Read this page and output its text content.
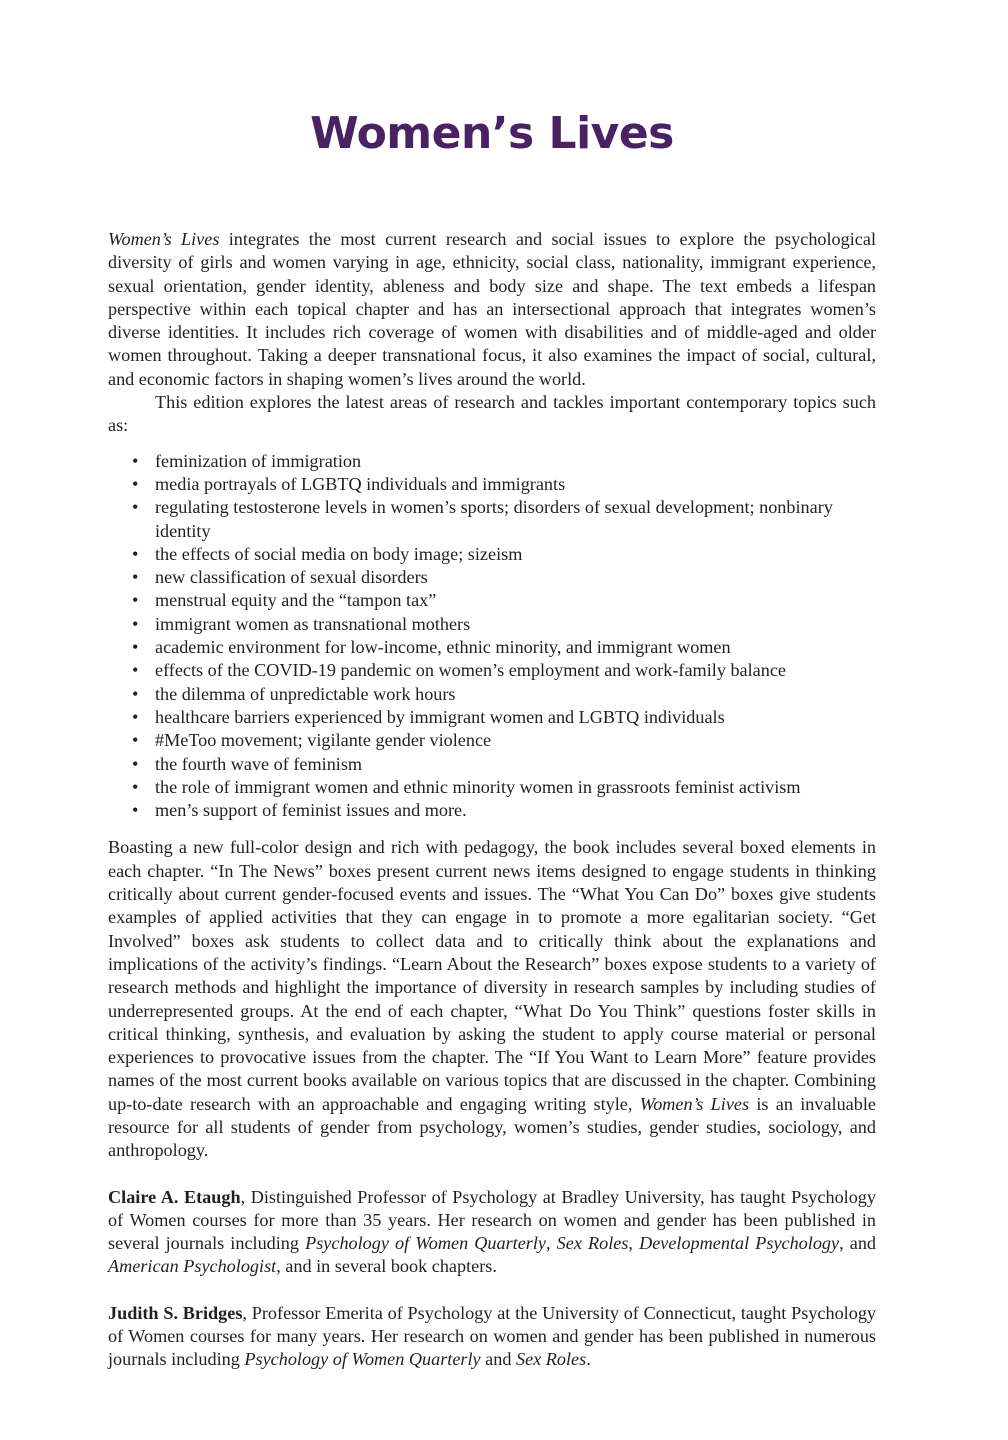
Women’s Lives

Women’s Lives integrates the most current research and social issues to explore the psychological diversity of girls and women varying in age, ethnicity, social class, nationality, immigrant experience, sexual orientation, gender identity, ableness and body size and shape. The text embeds a lifespan perspective within each topical chapter and has an intersectional approach that integrates women’s diverse identities. It includes rich coverage of women with disabilities and of middle-aged and older women throughout. Taking a deeper transnational focus, it also examines the impact of social, cultural, and economic factors in shaping women’s lives around the world.

This edition explores the latest areas of research and tackles important contemporary topics such as:

• feminization of immigration
• media portrayals of LGBTQ individuals and immigrants
• regulating testosterone levels in women’s sports; disorders of sexual development; nonbinary identity
• the effects of social media on body image; sizeism
• new classification of sexual disorders
• menstrual equity and the “tampon tax”
• immigrant women as transnational mothers
• academic environment for low-income, ethnic minority, and immigrant women
• effects of the COVID-19 pandemic on women’s employment and work-family balance
• the dilemma of unpredictable work hours
• healthcare barriers experienced by immigrant women and LGBTQ individuals
• #MeToo movement; vigilante gender violence
• the fourth wave of feminism
• the role of immigrant women and ethnic minority women in grassroots feminist activism
• men’s support of feminist issues and more.

Boasting a new full-color design and rich with pedagogy, the book includes several boxed elements in each chapter. “In The News” boxes present current news items designed to engage students in thinking critically about current gender-focused events and issues. The “What You Can Do” boxes give students examples of applied activities that they can engage in to promote a more egalitarian society. “Get Involved” boxes ask students to collect data and to critically think about the explanations and implications of the activity’s findings. “Learn About the Research” boxes expose students to a variety of research methods and highlight the importance of diversity in research samples by including studies of underrepresented groups. At the end of each chapter, “What Do You Think” questions foster skills in critical thinking, synthesis, and evaluation by asking the student to apply course material or personal experiences to provocative issues from the chapter. The “If You Want to Learn More” feature provides names of the most current books available on various topics that are discussed in the chapter. Combining up-to-date research with an approachable and engaging writing style, Women’s Lives is an invaluable resource for all students of gender from psychology, women’s studies, gender studies, sociology, and anthropology.

Claire A. Etaugh, Distinguished Professor of Psychology at Bradley University, has taught Psychology of Women courses for more than 35 years. Her research on women and gender has been published in several journals including Psychology of Women Quarterly, Sex Roles, Developmental Psychology, and American Psychologist, and in several book chapters.

Judith S. Bridges, Professor Emerita of Psychology at the University of Connecticut, taught Psychology of Women courses for many years. Her research on women and gender has been published in numerous journals including Psychology of Women Quarterly and Sex Roles.
